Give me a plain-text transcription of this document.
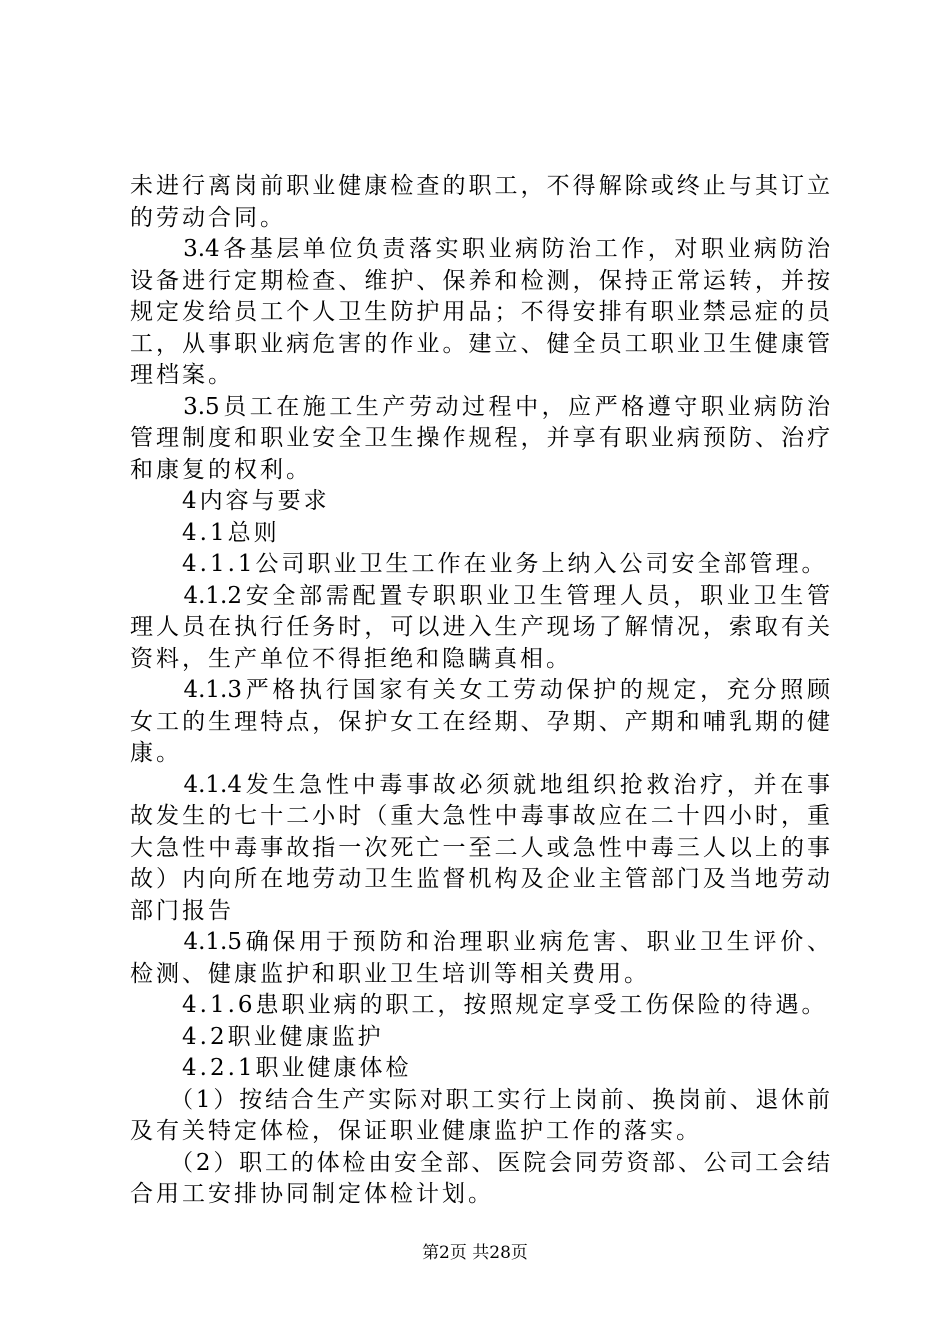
未进行离岗前职业健康检查的职工，不得解除或终止与其订立
的劳动合同。
　　3.4各基层单位负责落实职业病防治工作，对职业病防治
设备进行定期检查、维护、保养和检测，保持正常运转，并按
规定发给员工个人卫生防护用品；不得安排有职业禁忌症的员
工，从事职业病危害的作业。建立、健全员工职业卫生健康管
理档案。
　　3.5员工在施工生产劳动过程中，应严格遵守职业病防治
管理制度和职业安全卫生操作规程，并享有职业病预防、治疗
和康复的权利。
　　4内容与要求
　　4.1总则
　　4.1.1公司职业卫生工作在业务上纳入公司安全部管理。
　　4.1.2安全部需配置专职职业卫生管理人员，职业卫生管
理人员在执行任务时，可以进入生产现场了解情况，索取有关
资料，生产单位不得拒绝和隐瞒真相。
　　4.1.3严格执行国家有关女工劳动保护的规定，充分照顾
女工的生理特点，保护女工在经期、孕期、产期和哺乳期的健
康。
　　4.1.4发生急性中毒事故必须就地组织抢救治疗，并在事
故发生的七十二小时（重大急性中毒事故应在二十四小时，重
大急性中毒事故指一次死亡一至二人或急性中毒三人以上的事
故）内向所在地劳动卫生监督机构及企业主管部门及当地劳动
部门报告
　　4.1.5确保用于预防和治理职业病危害、职业卫生评价、
检测、健康监护和职业卫生培训等相关费用。
　　4.1.6患职业病的职工，按照规定享受工伤保险的待遇。
　　4.2职业健康监护
　　4.2.1职业健康体检
　　（1）按结合生产实际对职工实行上岗前、换岗前、退休前
及有关特定体检，保证职业健康监护工作的落实。
第2页 共28页
　　（2）职工的体检由安全部、医院会同劳资部、公司工会结
合用工安排协同制定体检计划。
